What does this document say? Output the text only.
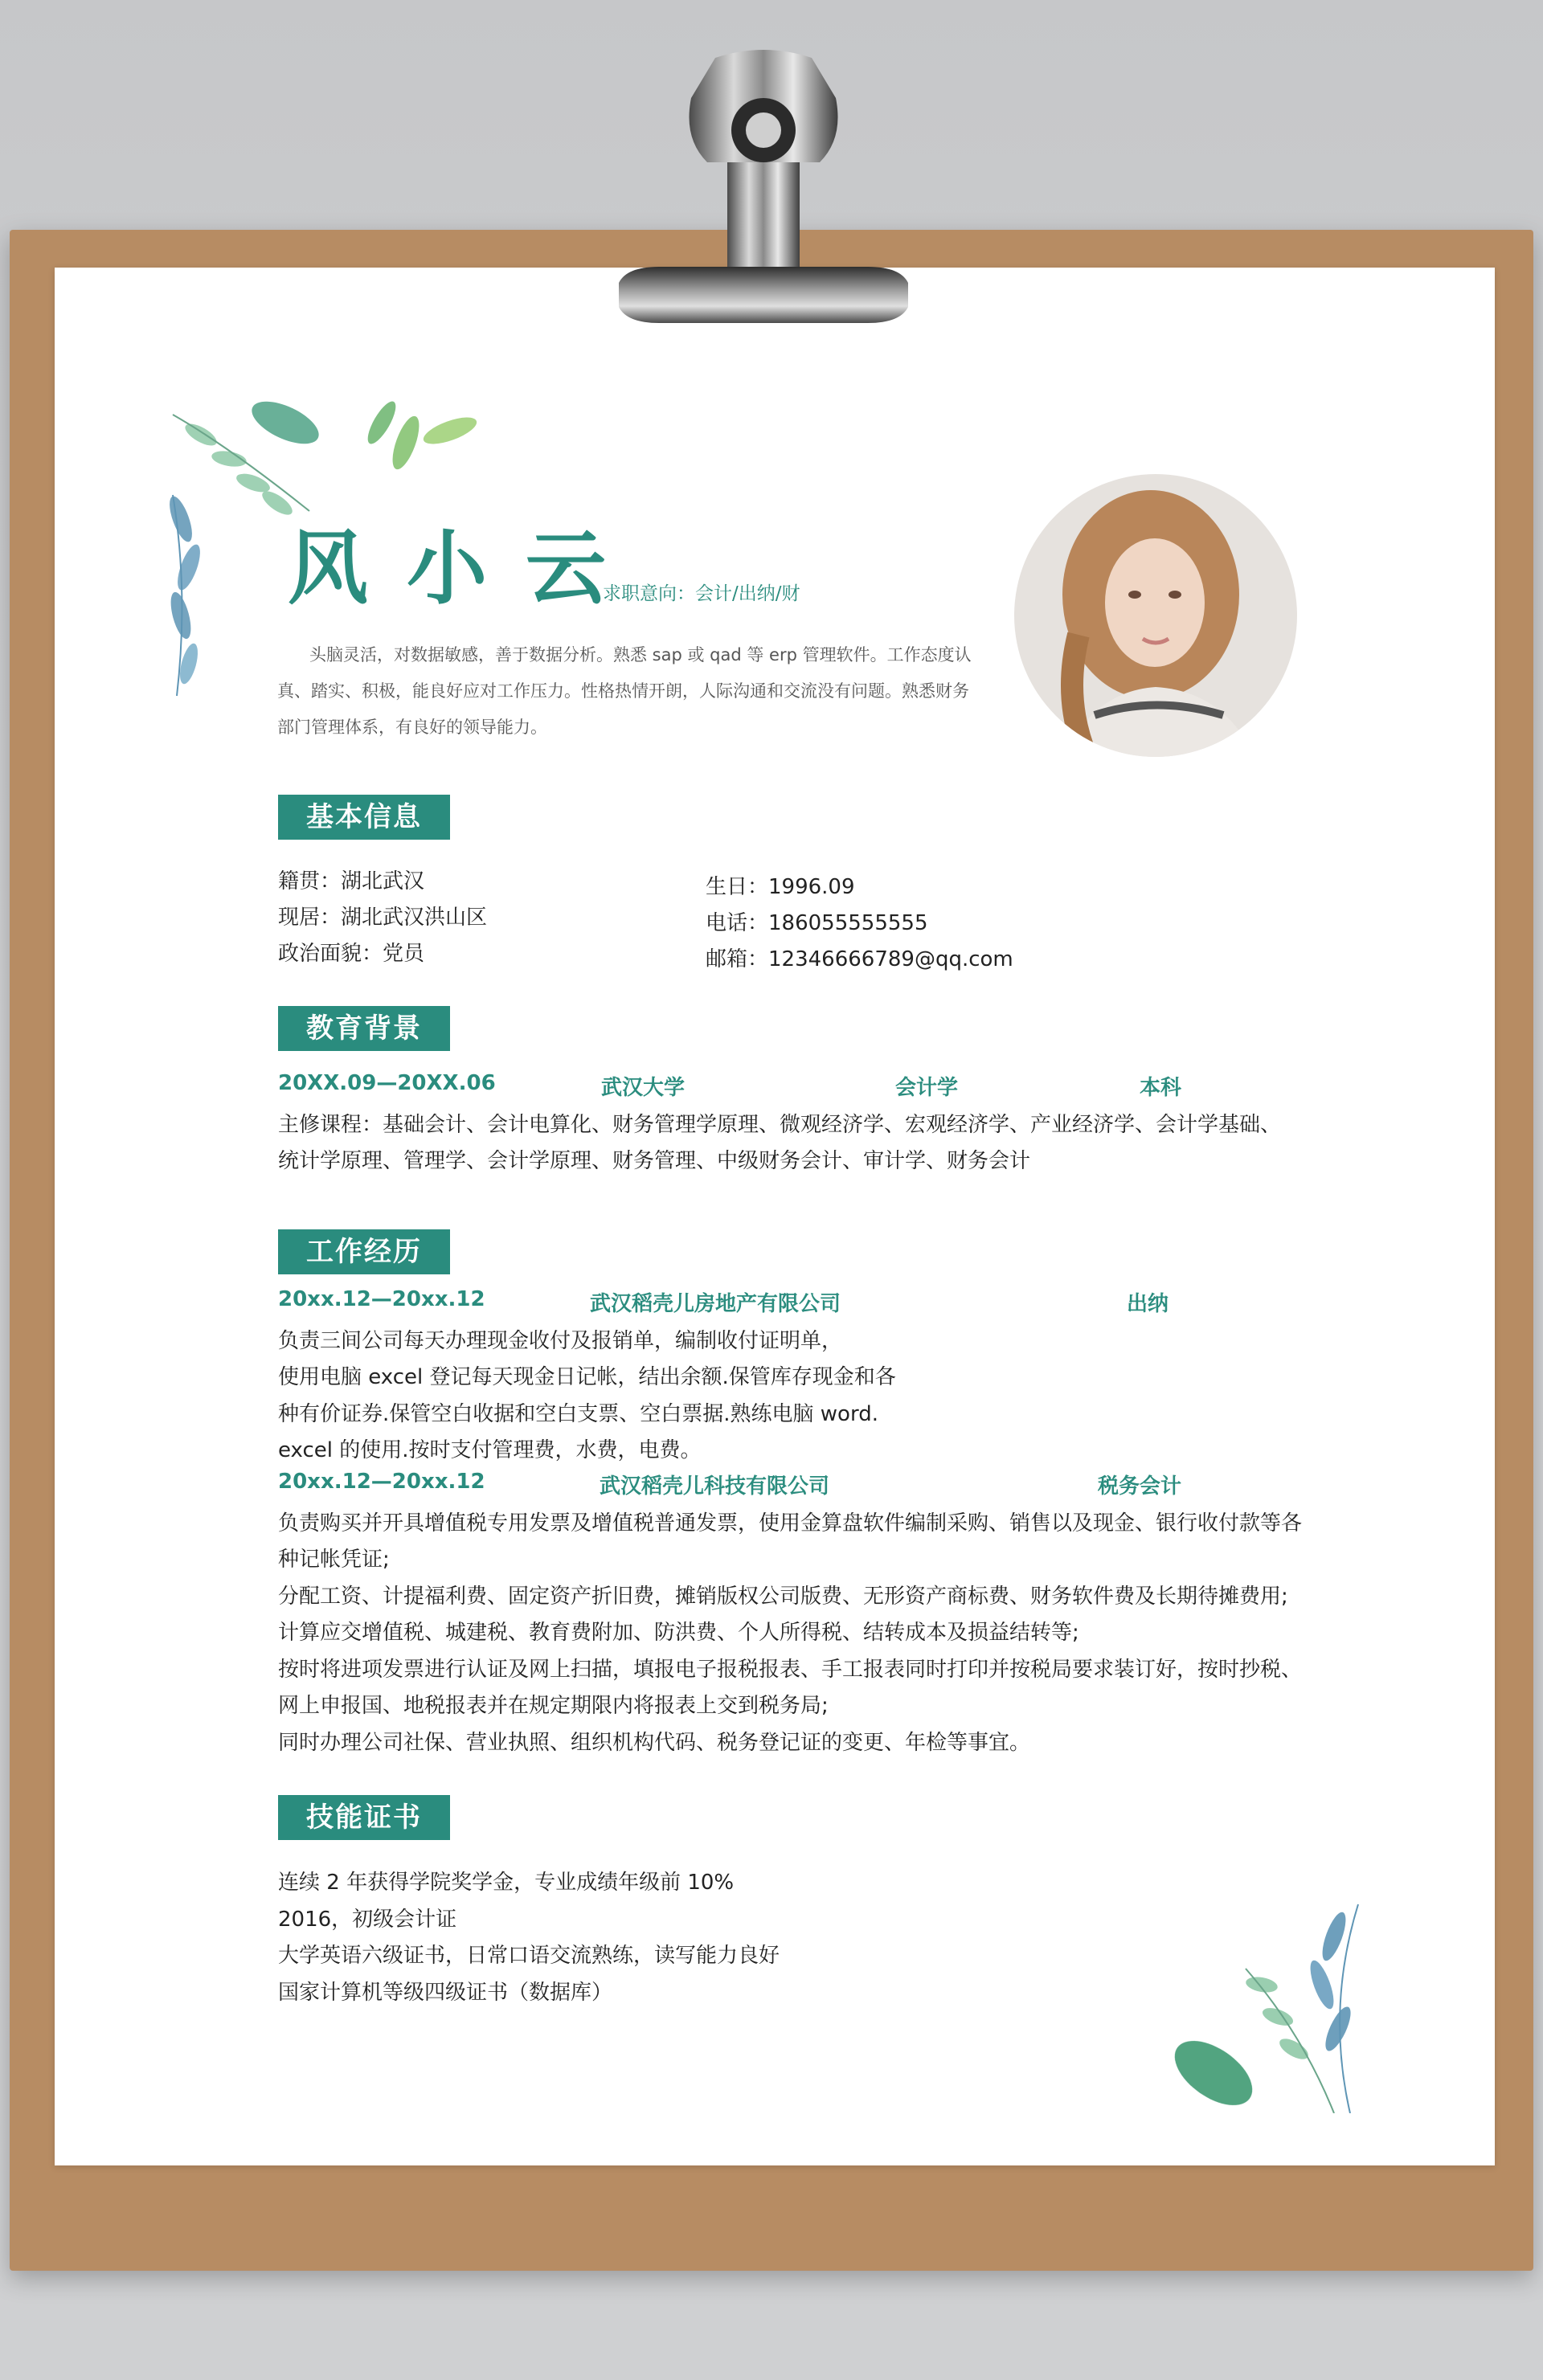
风小云
求职意向：会计/出纳/财
头脑灵活，对数据敏感，善于数据分析。熟悉 sap 或 qad 等 erp 管理软件。工作态度认真、踏实、积极，能良好应对工作压力。性格热情开朗，人际沟通和交流没有问题。熟悉财务部门管理体系，有良好的领导能力。
基本信息
籍贯：湖北武汉
现居：湖北武汉洪山区
政治面貌：党员
生日：1996.09
电话：186055555555
邮箱：12346666789@qq.com
教育背景
20XX.09—20XX.06	武汉大学	会计学	本科
主修课程：基础会计、会计电算化、财务管理学原理、微观经济学、宏观经济学、产业经济学、会计学基础、
统计学原理、管理学、会计学原理、财务管理、中级财务会计、审计学、财务会计
工作经历
20xx.12—20xx.12	武汉稻壳儿房地产有限公司	出纳
负责三间公司每天办理现金收付及报销单，编制收付证明单，
使用电脑 excel 登记每天现金日记帐，结出余额.保管库存现金和各
种有价证券.保管空白收据和空白支票、空白票据.熟练电脑 word.
excel 的使用.按时支付管理费，水费，电费。
20xx.12—20xx.12	武汉稻壳儿科技有限公司	税务会计
负责购买并开具增值税专用发票及增值税普通发票，使用金算盘软件编制采购、销售以及现金、银行收付款等各
种记帐凭证;
分配工资、计提福利费、固定资产折旧费，摊销版权公司版费、无形资产商标费、财务软件费及长期待摊费用;
计算应交增值税、城建税、教育费附加、防洪费、个人所得税、结转成本及损益结转等;
按时将进项发票进行认证及网上扫描，填报电子报税报表、手工报表同时打印并按税局要求装订好，按时抄税、
网上申报国、地税报表并在规定期限内将报表上交到税务局;
同时办理公司社保、营业执照、组织机构代码、税务登记证的变更、年检等事宜。
技能证书
连续 2 年获得学院奖学金，专业成绩年级前 10%
2016，初级会计证
大学英语六级证书，日常口语交流熟练，读写能力良好
国家计算机等级四级证书（数据库）
